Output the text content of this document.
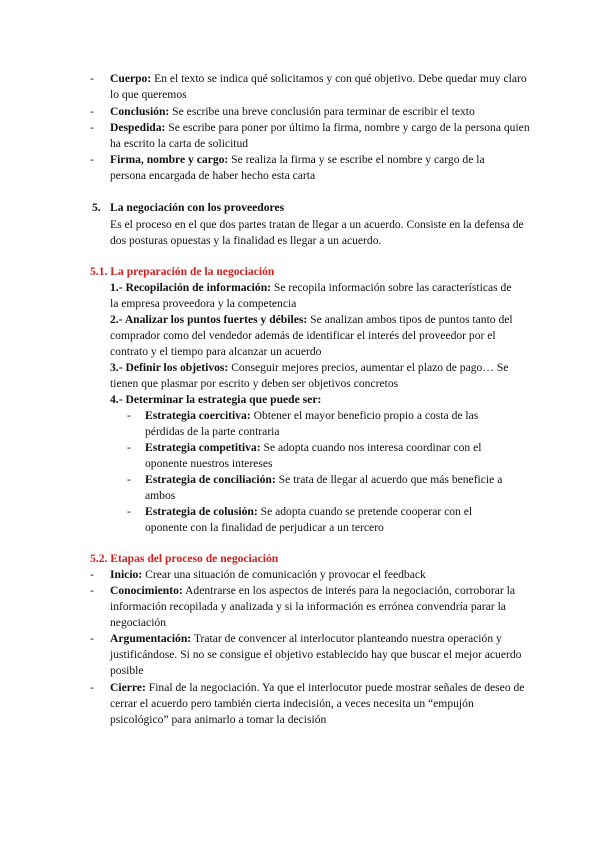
-	Cuerpo: En el texto se indica qué solicitamos y con qué objetivo. Debe quedar muy claro lo que queremos
-	Conclusión: Se escribe una breve conclusión para terminar de escribir el texto
-	Despedida: Se escribe para poner por último la firma, nombre y cargo de la persona quien ha escrito la carta de solicitud
-	Firma, nombre y cargo: Se realiza la firma y se escribe el nombre y cargo de la persona encargada de haber hecho esta carta
5. La negociación con los proveedores
Es el proceso en el que dos partes tratan de llegar a un acuerdo. Consiste en la defensa de dos posturas opuestas y la finalidad es llegar a un acuerdo.
5.1. La preparación de la negociación
1.- Recopilación de información: Se recopila información sobre las características de la empresa proveedora y la competencia
2.- Analizar los puntos fuertes y débiles: Se analizan ambos tipos de puntos tanto del comprador como del vendedor además de identificar el interés del proveedor por el contrato y el tiempo para alcanzar un acuerdo
3.- Definir los objetivos: Conseguir mejores precios, aumentar el plazo de pago… Se tienen que plasmar por escrito y deben ser objetivos concretos
4.- Determinar la estrategia que puede ser:
-	Estrategia coercitiva: Obtener el mayor beneficio propio a costa de las pérdidas de la parte contraria
-	Estrategia competitiva: Se adopta cuando nos interesa coordinar con el oponente nuestros intereses
-	Estrategia de conciliación: Se trata de llegar al acuerdo que más beneficie a ambos
-	Estrategia de colusión: Se adopta cuando se pretende cooperar con el oponente con la finalidad de perjudicar a un tercero
5.2. Etapas del proceso de negociación
-	Inicio: Crear una situación de comunicación y provocar el feedback
-	Conocimiento: Adentrarse en los aspectos de interés para la negociación, corroborar la información recopilada y analizada y si la información es errónea convendría parar la negociación
-	Argumentación: Tratar de convencer al interlocutor planteando nuestra operación y justificándose. Si no se consigue el objetivo establecido hay que buscar el mejor acuerdo posible
-	Cierre: Final de la negociación. Ya que el interlocutor puede mostrar señales de deseo de cerrar el acuerdo pero también cierta indecisión, a veces necesita un “empujón psicológico” para animarlo a tomar la decisión
